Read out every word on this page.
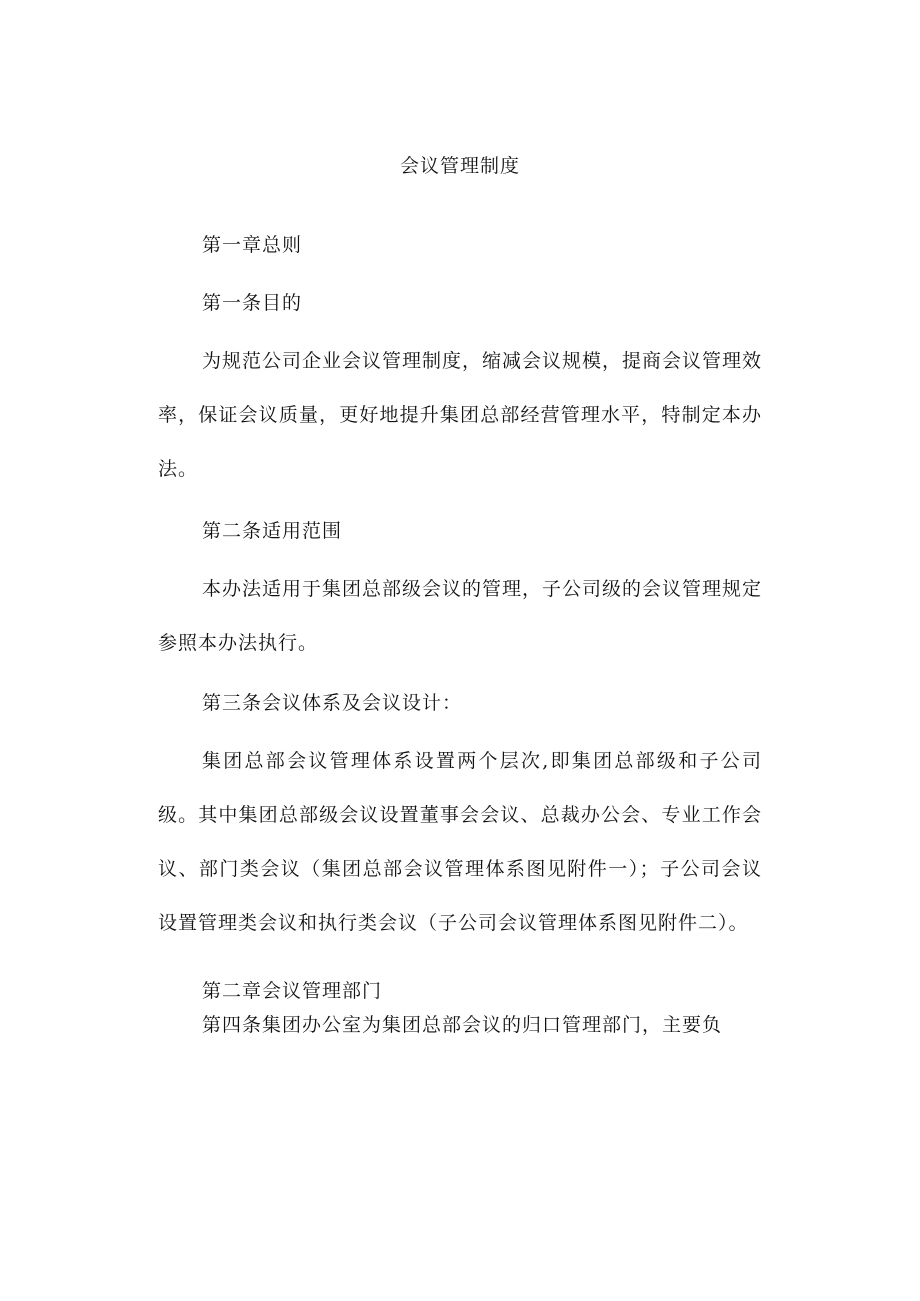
会议管理制度
第一章总则
第一条目的

为规范公司企业会议管理制度，缩减会议规模，提商会议管理效率，保证会议质量，更好地提升集团总部经营管理水平，特制定本办法。

第二条适用范围

本办法适用于集团总部级会议的管理，子公司级的会议管理规定参照本办法执行。

第三条会议体系及会议设计：

集团总部会议管理体系设置两个层次,即集团总部级和子公司级。其中集团总部级会议设置董事会会议、总裁办公会、专业工作会议、部门类会议（集团总部会议管理体系图见附件一）；子公司会议设置管理类会议和执行类会议（子公司会议管理体系图见附件二）。

第二章会议管理部门
第四条集团办公室为集团总部会议的归口管理部门，主要负
